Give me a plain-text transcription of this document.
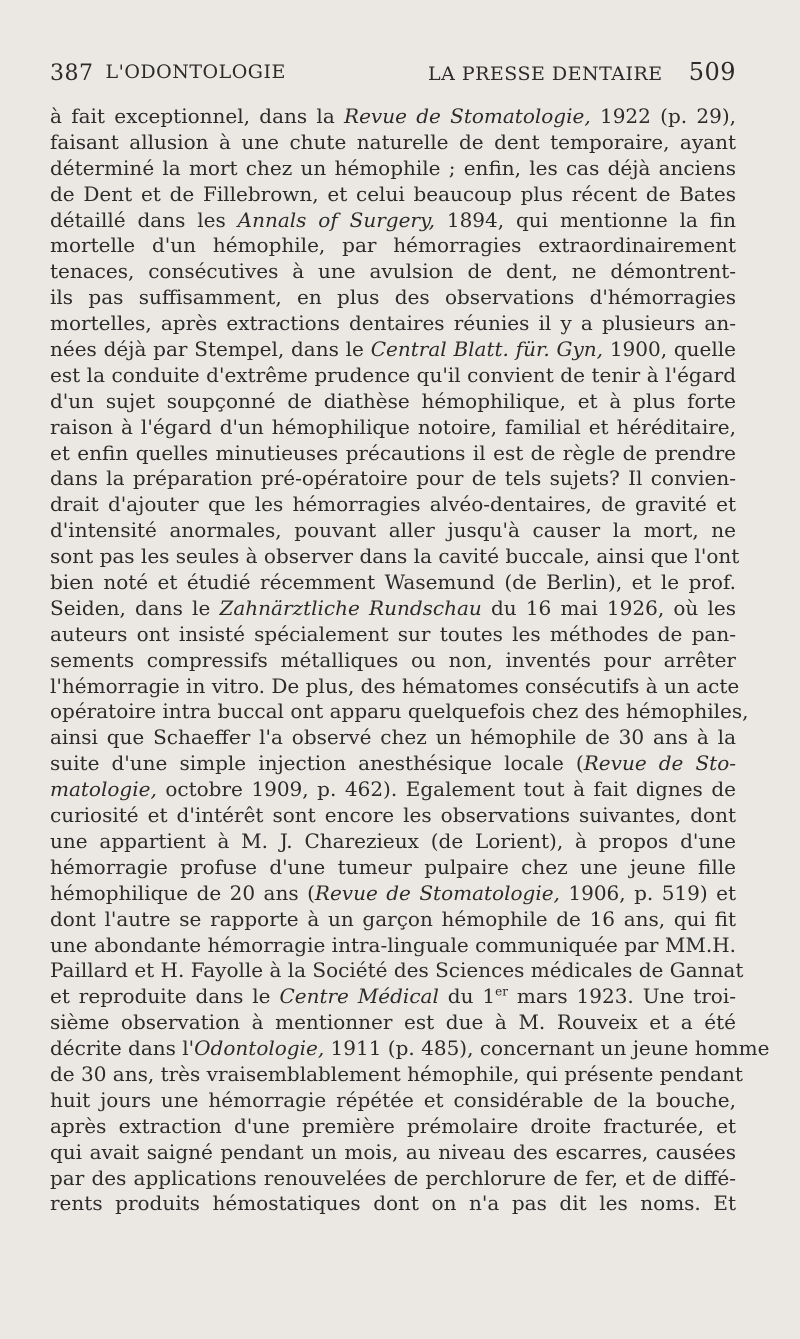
387 L'ODONTOLOGIE	LA PRESSE DENTAIRE 509
à fait exceptionnel, dans la Revue de Stomatologie, 1922 (p. 29),
faisant allusion à une chute naturelle de dent temporaire, ayant
déterminé la mort chez un hémophile ; enfin, les cas déjà anciens
de Dent et de Fillebrown, et celui beaucoup plus récent de Bates
détaillé dans les Annals of Surgery, 1894, qui mentionne la fin
mortelle d'un hémophile, par hémorragies extraordinairement
tenaces, consécutives à une avulsion de dent, ne démontrent-
ils pas suffisamment, en plus des observations d'hémorragies
mortelles, après extractions dentaires réunies il y a plusieurs an-
nées déjà par Stempel, dans le Central Blatt. für. Gyn, 1900, quelle
est la conduite d'extrême prudence qu'il convient de tenir à l'égard
d'un sujet soupçonné de diathèse hémophilique, et à plus forte
raison à l'égard d'un hémophilique notoire, familial et héréditaire,
et enfin quelles minutieuses précautions il est de règle de prendre
dans la préparation pré-opératoire pour de tels sujets? Il convien-
drait d'ajouter que les hémorragies alvéo-dentaires, de gravité et
d'intensité anormales, pouvant aller jusqu'à causer la mort, ne
sont pas les seules à observer dans la cavité buccale, ainsi que l'ont
bien noté et étudié récemment Wasemund (de Berlin), et le prof.
Seiden, dans le Zahnärztliche Rundschau du 16 mai 1926, où les
auteurs ont insisté spécialement sur toutes les méthodes de pan-
sements compressifs métalliques ou non, inventés pour arrêter
l'hémorragie in vitro. De plus, des hématomes consécutifs à un acte
opératoire intra buccal ont apparu quelquefois chez des hémophiles,
ainsi que Schaeffer l'a observé chez un hémophile de 30 ans à la
suite d'une simple injection anesthésique locale (Revue de Sto-
matologie, octobre 1909, p. 462). Egalement tout à fait dignes de
curiosité et d'intérêt sont encore les observations suivantes, dont
une appartient à M. J. Charezieux (de Lorient), à propos d'une
hémorragie profuse d'une tumeur pulpaire chez une jeune fille
hémophilique de 20 ans (Revue de Stomatologie, 1906, p. 519) et
dont l'autre se rapporte à un garçon hémophile de 16 ans, qui fit
une abondante hémorragie intra-linguale communiquée par MM.H.
Paillard et H. Fayolle à la Société des Sciences médicales de Gannat
et reproduite dans le Centre Médical du 1er mars 1923. Une troi-
sième observation à mentionner est due à M. Rouveix et a été
décrite dans l'Odontologie, 1911 (p. 485), concernant un jeune homme
de 30 ans, très vraisemblablement hémophile, qui présente pendant
huit jours une hémorragie répétée et considérable de la bouche,
après extraction d'une première prémolaire droite fracturée, et
qui avait saigné pendant un mois, au niveau des escarres, causées
par des applications renouvelées de perchlorure de fer, et de diffé-
rents produits hémostatiques dont on n'a pas dit les noms. Et
